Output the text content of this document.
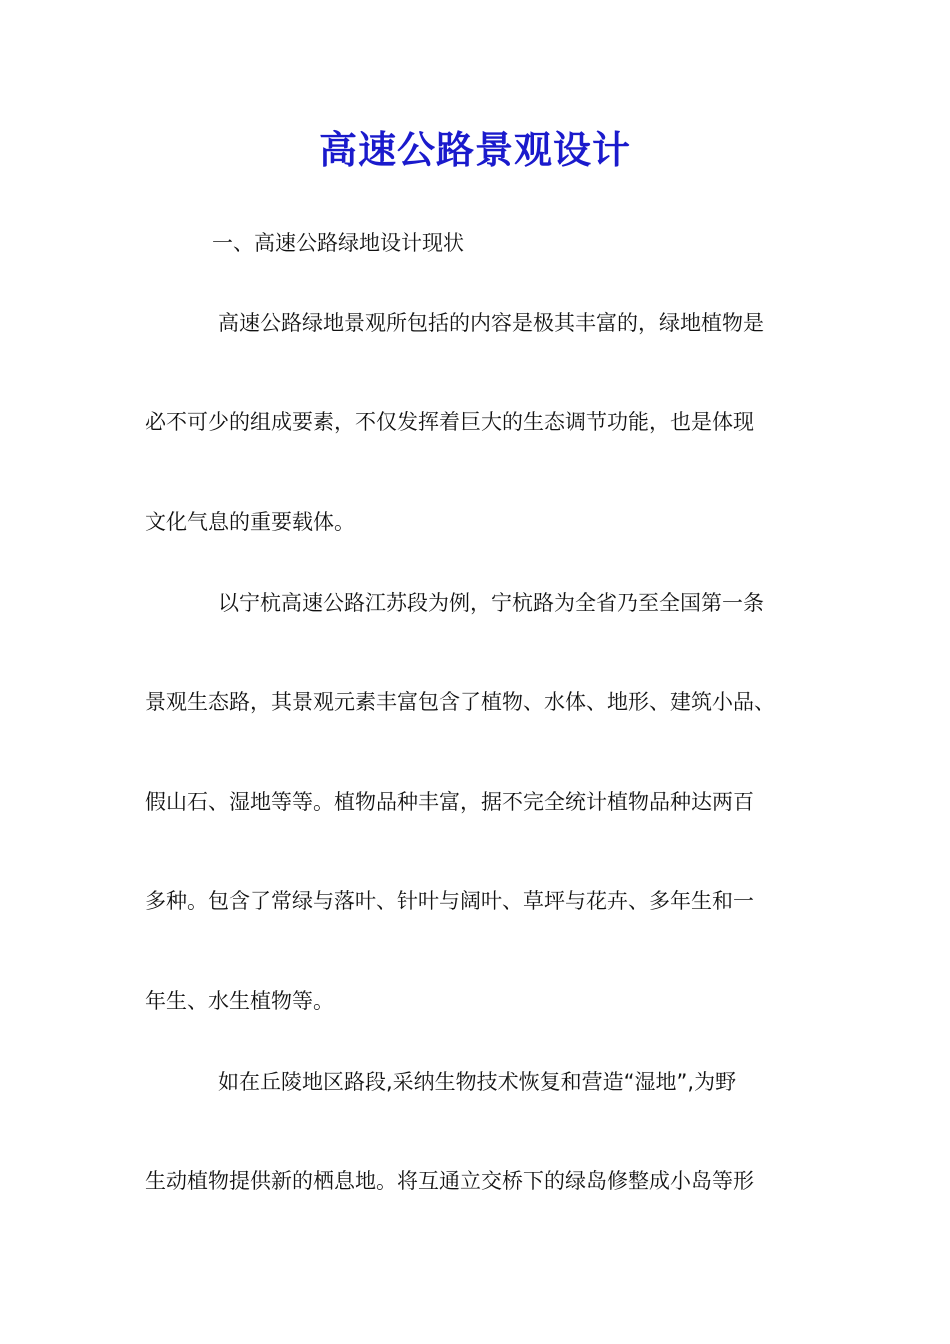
高速公路景观设计
一、高速公路绿地设计现状
高速公路绿地景观所包括的内容是极其丰富的，绿地植物是
必不可少的组成要素，不仅发挥着巨大的生态调节功能，也是体现
文化气息的重要载体。
以宁杭高速公路江苏段为例，宁杭路为全省乃至全国第一条
景观生态路，其景观元素丰富包含了植物、水体、地形、建筑小品、
假山石、湿地等等。植物品种丰富，据不完全统计植物品种达两百
多种。包含了常绿与落叶、针叶与阔叶、草坪与花卉、多年生和一
年生、水生植物等。
如在丘陵地区路段,采纳生物技术恢复和营造“湿地”,为野
生动植物提供新的栖息地。将互通立交桥下的绿岛修整成小岛等形
